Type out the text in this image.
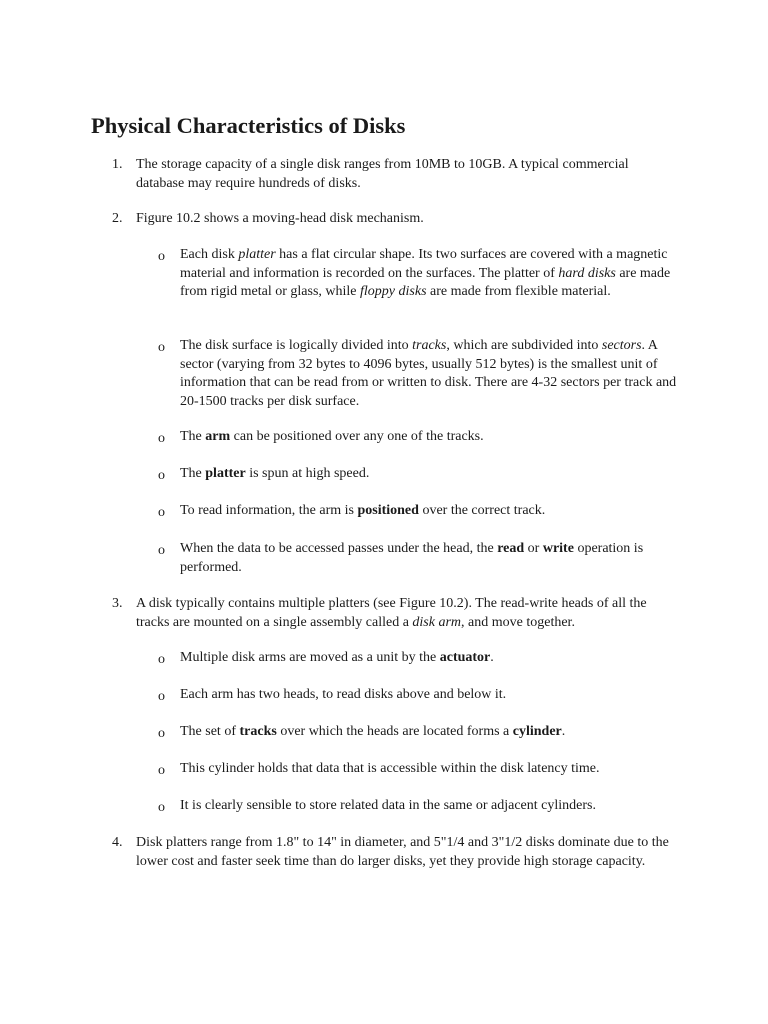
Physical Characteristics of Disks
1. The storage capacity of a single disk ranges from 10MB to 10GB. A typical commercial database may require hundreds of disks.
2. Figure 10.2 shows a moving-head disk mechanism.
o Each disk platter has a flat circular shape. Its two surfaces are covered with a magnetic material and information is recorded on the surfaces. The platter of hard disks are made from rigid metal or glass, while floppy disks are made from flexible material.
o The disk surface is logically divided into tracks, which are subdivided into sectors. A sector (varying from 32 bytes to 4096 bytes, usually 512 bytes) is the smallest unit of information that can be read from or written to disk. There are 4-32 sectors per track and 20-1500 tracks per disk surface.
o The arm can be positioned over any one of the tracks.
o The platter is spun at high speed.
o To read information, the arm is positioned over the correct track.
o When the data to be accessed passes under the head, the read or write operation is performed.
3. A disk typically contains multiple platters (see Figure 10.2). The read-write heads of all the tracks are mounted on a single assembly called a disk arm, and move together.
o Multiple disk arms are moved as a unit by the actuator.
o Each arm has two heads, to read disks above and below it.
o The set of tracks over which the heads are located forms a cylinder.
o This cylinder holds that data that is accessible within the disk latency time.
o It is clearly sensible to store related data in the same or adjacent cylinders.
4. Disk platters range from 1.8" to 14" in diameter, and 5"1/4 and 3"1/2 disks dominate due to the lower cost and faster seek time than do larger disks, yet they provide high storage capacity.
